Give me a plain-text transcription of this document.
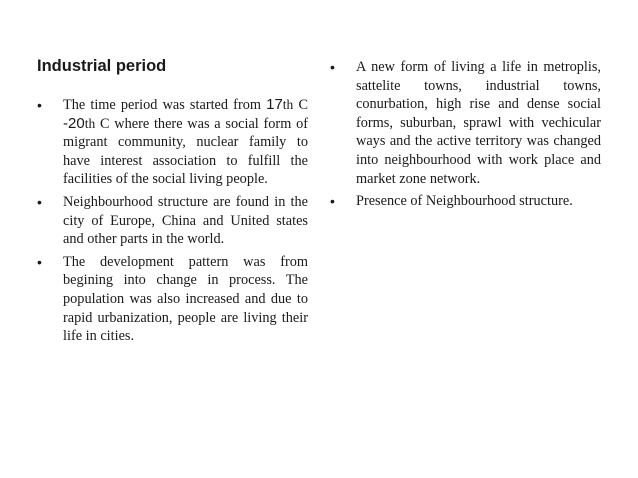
Industrial period
• The time period was started from 17th C -20th C where there was a social form of migrant community, nuclear family to have interest association to fulfill the facilities of the social living people.
• Neighbourhood structure are found in the city of Europe, China and United states and other parts in the world.
• The development pattern was from begining into change in process. The population was also increased and due to rapid urbanization, people are living their life in cities.
• A new form of living a life in metroplis, sattelite towns, industrial towns, conurbation, high rise and dense social forms, suburban, sprawl with vechicular ways and the active territory was changed into neighbourhood with work place and market zone network.
• Presence of Neighbourhood structure.
